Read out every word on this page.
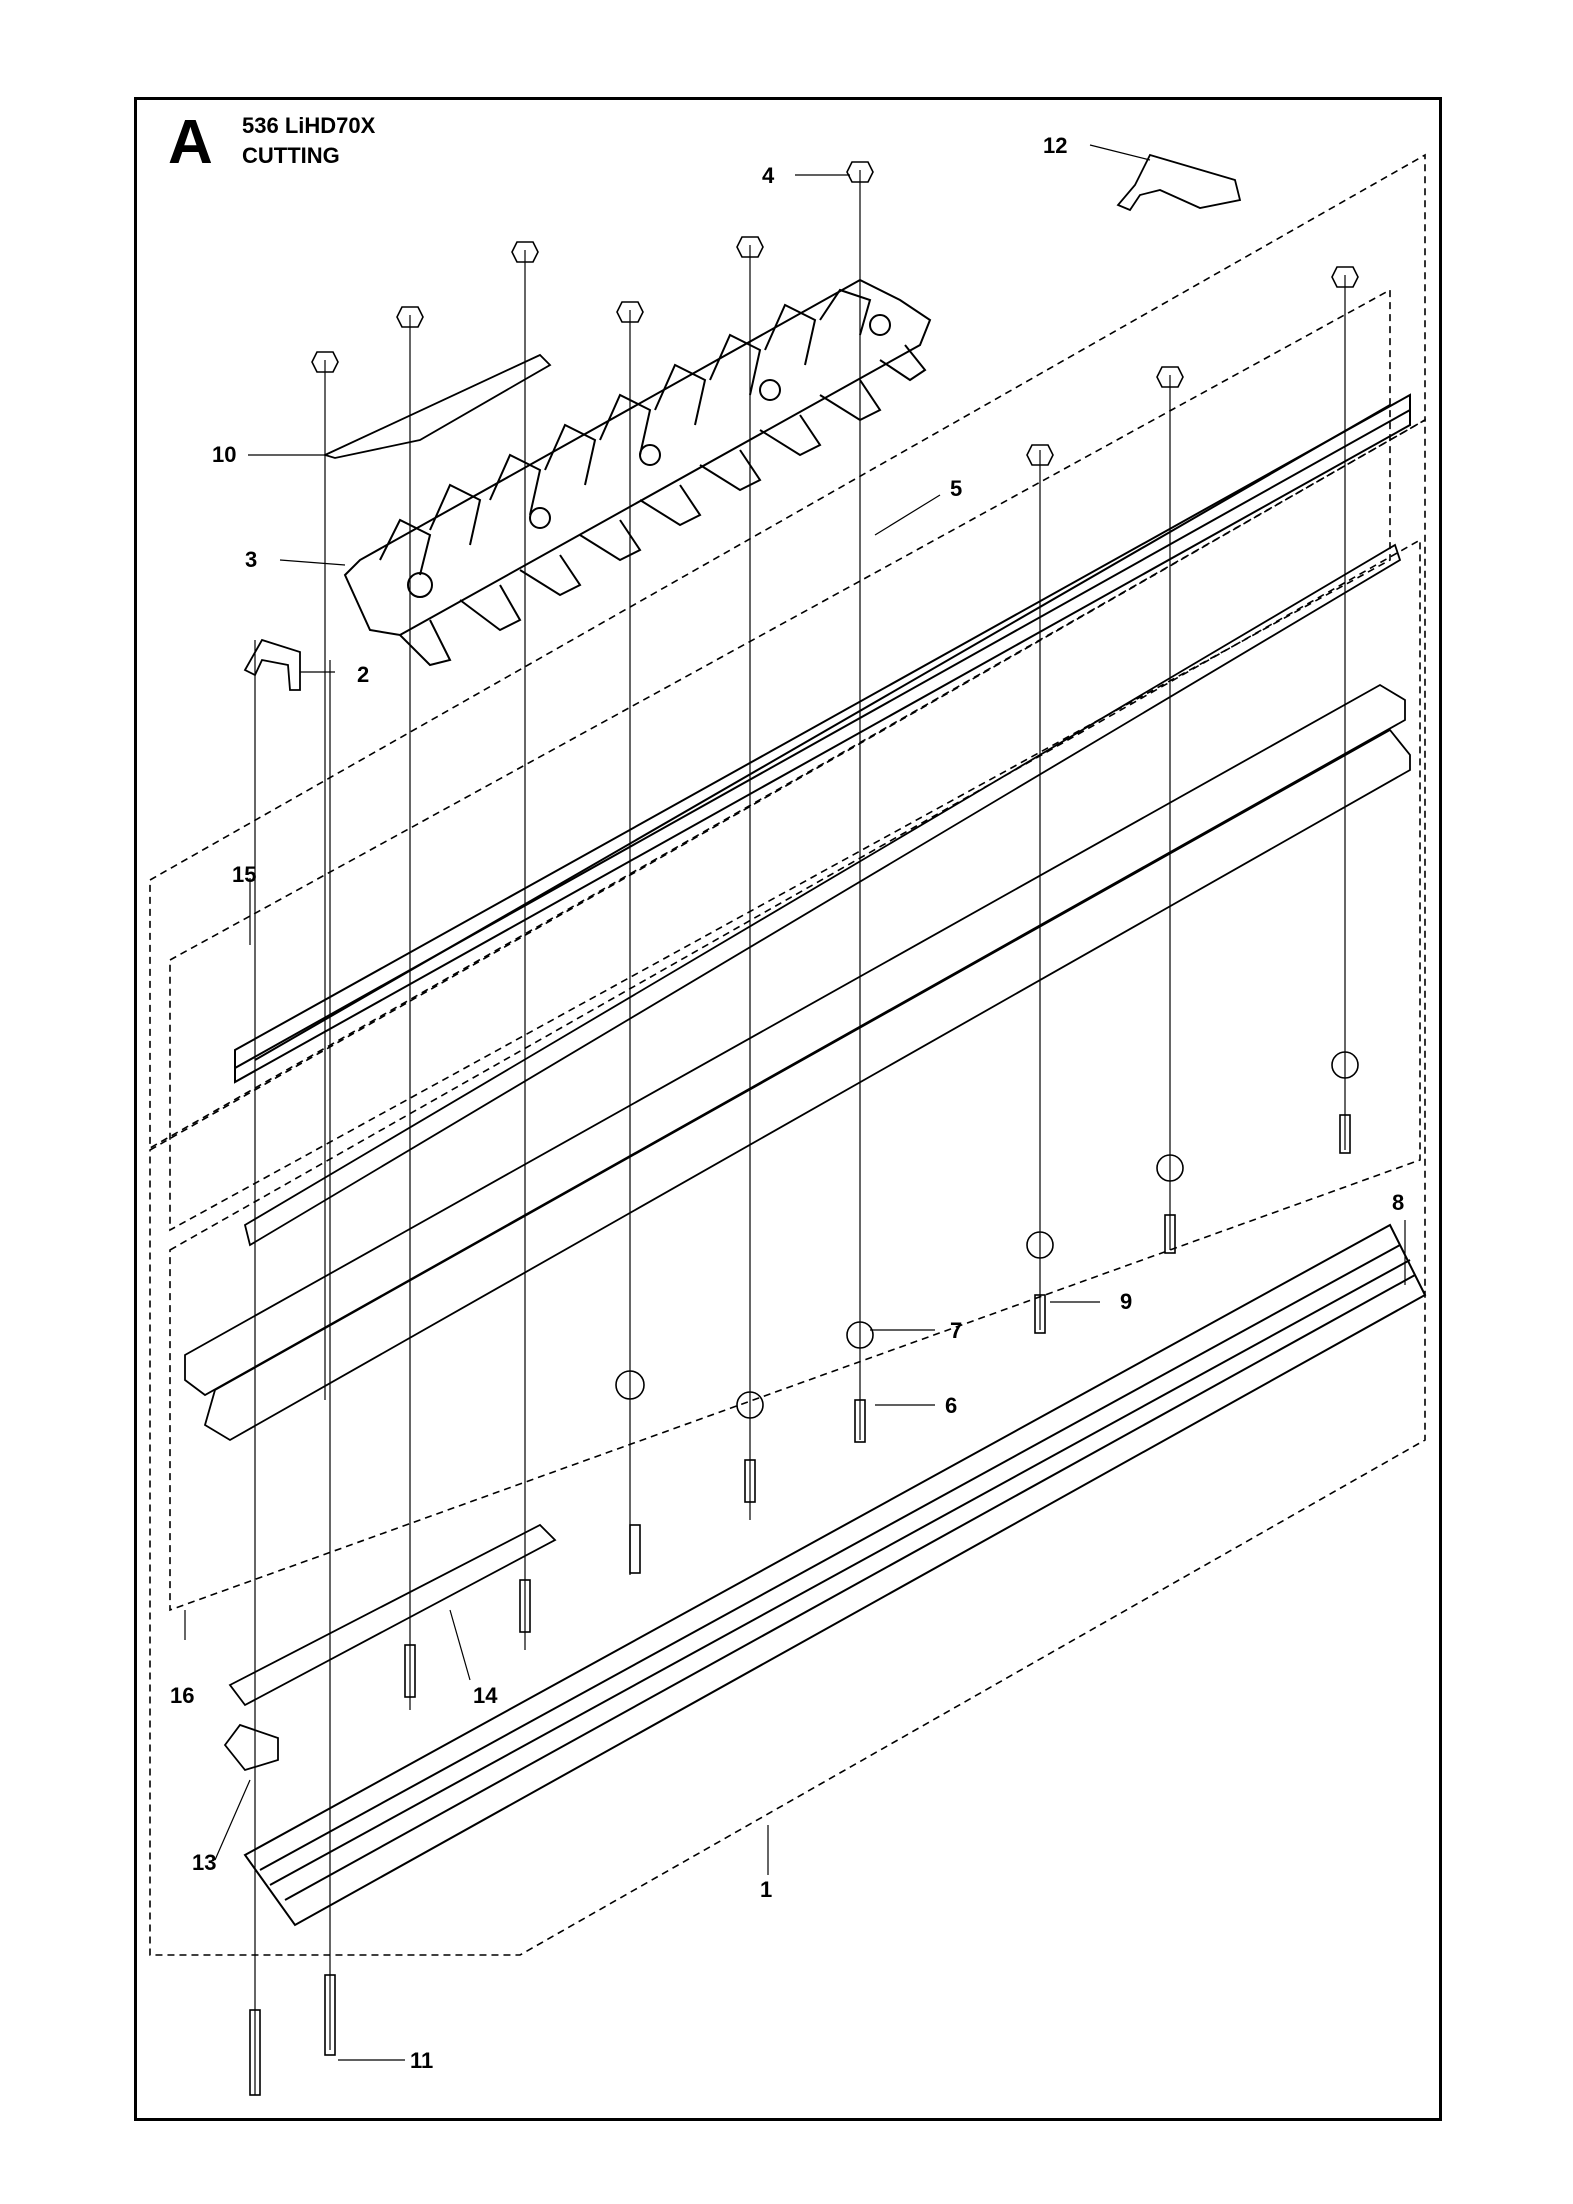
A 536 LiHD70X
CUTTING
1
2
3
4
5
6
7
8
9
10
11
12
13
14
15
16
